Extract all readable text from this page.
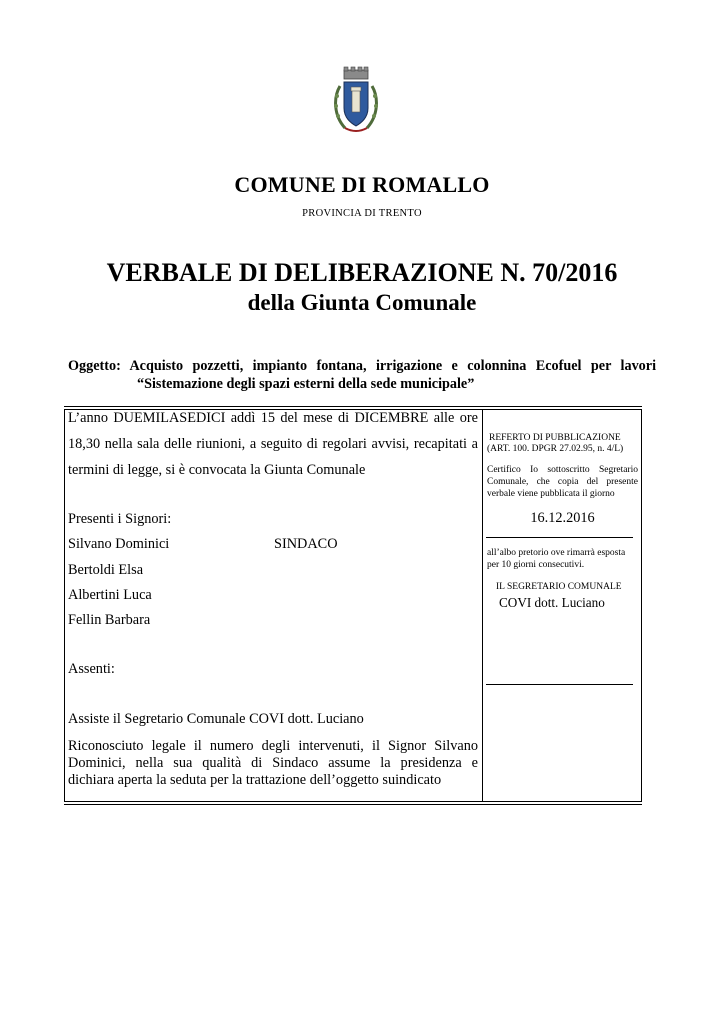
COMUNE DI ROMALLO
PROVINCIA DI TRENTO
VERBALE DI DELIBERAZIONE N. 70/2016
della Giunta Comunale
Oggetto: Acquisto pozzetti, impianto fontana, irrigazione e colonnina Ecofuel per lavori
“Sistemazione degli spazi esterni della sede municipale”
L’anno DUEMILASEDICI addì 15 del mese di DICEMBRE alle ore
18,30 nella sala delle riunioni, a seguito di regolari avvisi, recapitati a
termini di legge, si è convocata la Giunta Comunale
Presenti i Signori:
Silvano Dominici	SINDACO
Bertoldi Elsa
Albertini Luca
Fellin Barbara
Assenti:
Assiste il Segretario Comunale COVI dott. Luciano
Riconosciuto legale il numero degli intervenuti, il Signor Silvano
Dominici, nella sua qualità di Sindaco assume la presidenza e
dichiara aperta la seduta per la trattazione dell’oggetto suindicato
REFERTO DI PUBBLICAZIONE
(ART. 100. DPGR 27.02.95, n. 4/L)
Certifico Io sottoscritto Segretario
Comunale, che copia del presente
verbale viene pubblicata il giorno
16.12.2016
all’albo pretorio ove rimarrà esposta
per 10 giorni consecutivi.
IL SEGRETARIO COMUNALE
COVI dott. Luciano
